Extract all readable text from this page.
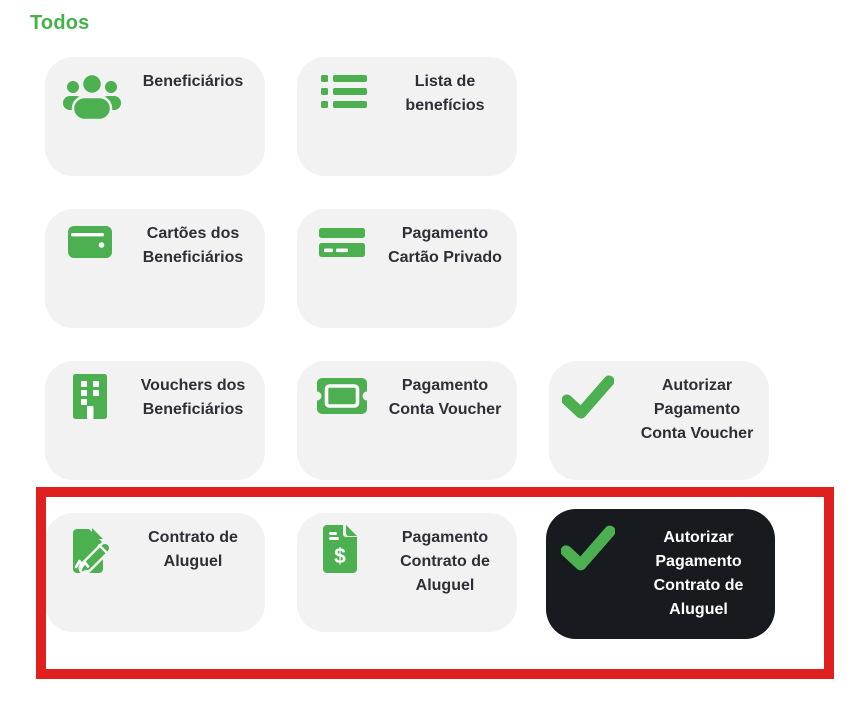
Todos
Beneficiários	Lista de benefícios
Cartões dos Beneficiários
Pagamento Cartão Privado
Vouchers dos Beneficiários
Pagamento Conta Voucher
Autorizar Pagamento Conta Voucher
Contrato de Aluguel	$
Pagamento Contrato de Aluguel
Autorizar Pagamento Contrato de Aluguel
